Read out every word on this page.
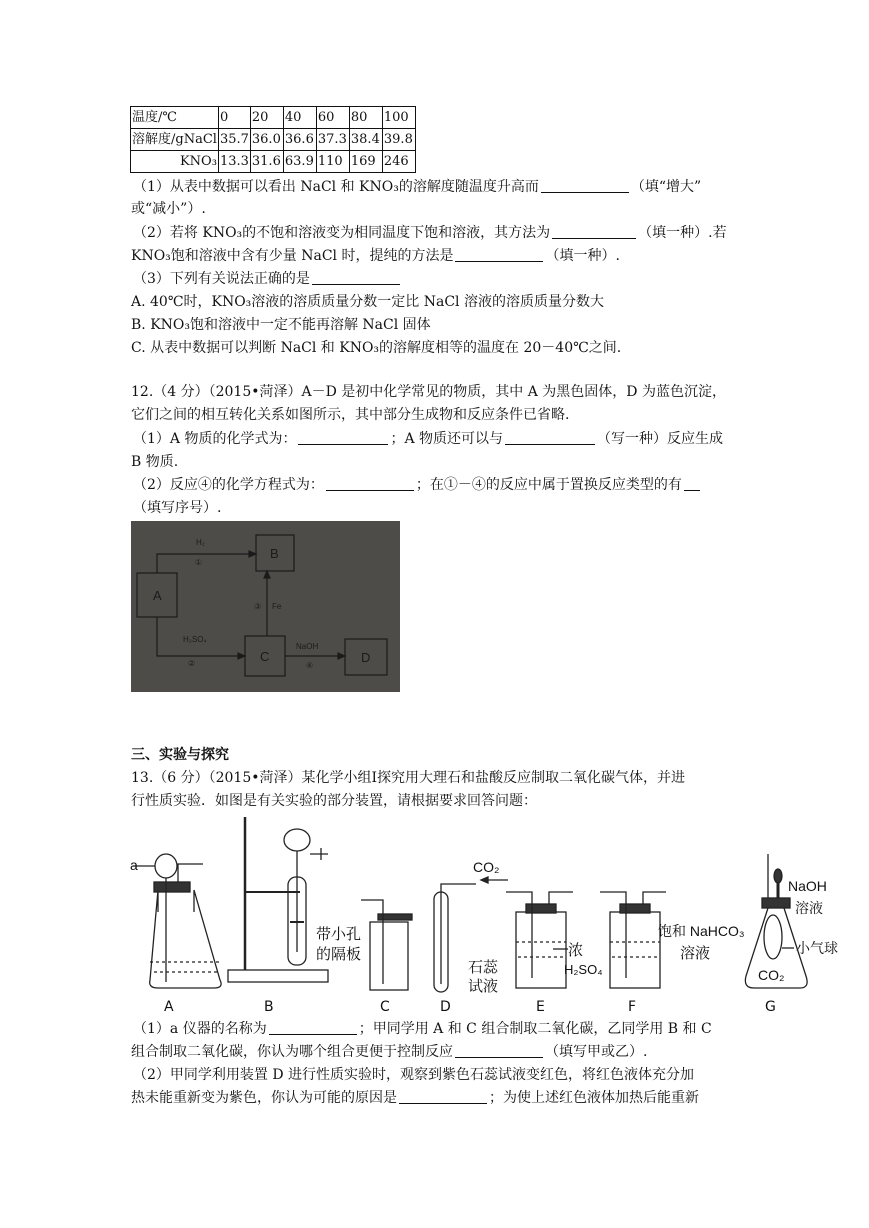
温度/℃	0	20	40	60	80	100
溶解度/gNaCl	35.7	36.0	36.6	37.3	38.4	39.8
KNO₃	13.3	31.6	63.9	110	169	246
（1）从表中数据可以看出 NaCl 和 KNO₃的溶解度随温度升高而	（填“增大”
或“减小”）.
（2）若将 KNO₃的不饱和溶液变为相同温度下饱和溶液，其方法为	（填一种）.若
KNO₃饱和溶液中含有少量 NaCl 时，提纯的方法是	（填一种）.
（3）下列有关说法正确的是
A. 40℃时，KNO₃溶液的溶质质量分数一定比 NaCl 溶液的溶质质量分数大
B. KNO₃饱和溶液中一定不能再溶解 NaCl 固体
C. 从表中数据可以判断 NaCl 和 KNO₃的溶解度相等的温度在 20－40℃之间.
12.（4 分）（2015•菏泽）A－D 是初中化学常见的物质，其中 A 为黑色固体，D 为蓝色沉淀，
它们之间的相互转化关系如图所示，其中部分生成物和反应条件已省略.
（1）A 物质的化学式为：	；A 物质还可以与	（写一种）反应生成
B 物质.
（2）反应④的化学方程式为：	；在①－④的反应中属于置换反应类型的有
（填写序号）.
A
B
C	D
H₂
①
H₂SO₄
②
Fe
③
NaOH
④
三、实验与探究
13.（6 分）（2015•菏泽）某化学小组Ⅰ探究用大理石和盐酸反应制取二氧化碳气体，并进
行性质实验．如图是有关实验的部分装置，请根据要求回答问题：
带小孔
的隔板
CO₂
石蕊
试液
浓
H₂SO₄
饱和 NaHCO₃
溶液
NaOH
溶液
小气球
CO₂
a
A	B	C	D	E	F	G
（1）a 仪器的名称为	；甲同学用 A 和 C 组合制取二氧化碳，乙同学用 B 和 C
组合制取二氧化碳，你认为哪个组合更便于控制反应	（填写甲或乙）.
（2）甲同学利用装置 D 进行性质实验时，观察到紫色石蕊试液变红色，将红色液体充分加
热未能重新变为紫色，你认为可能的原因是	；为使上述红色液体加热后能重新
